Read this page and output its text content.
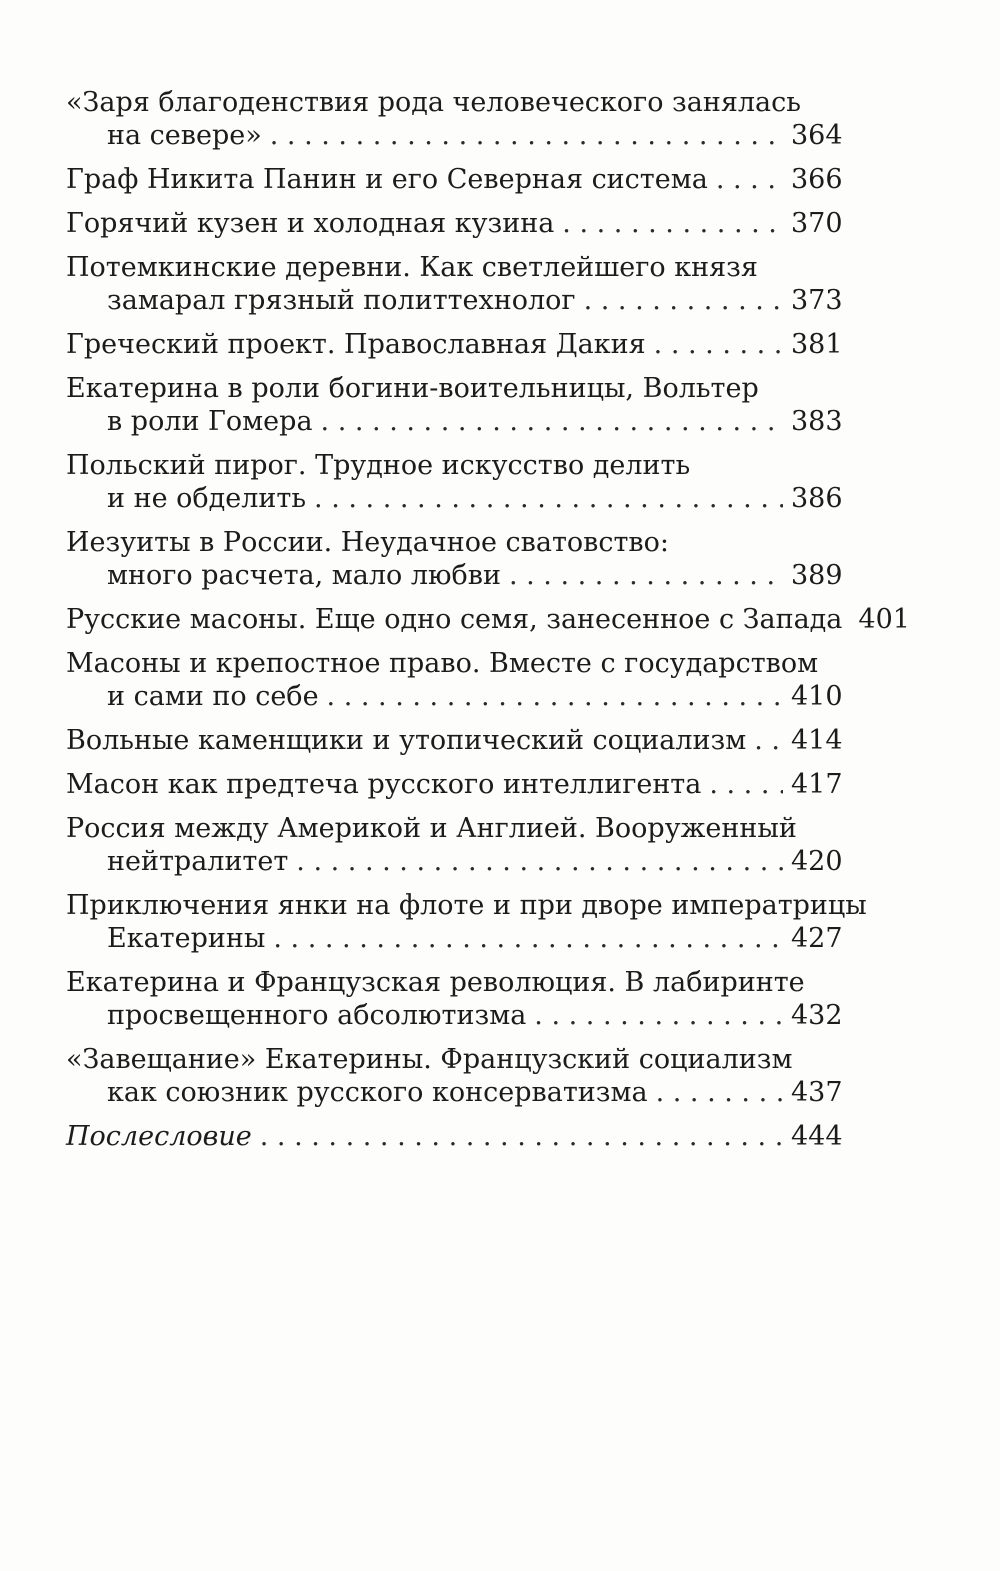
«Заря благоденствия рода человеческого занялась
на севере» . . .	364
Граф Никита Панин и его Северная система . . .	366
Горячий кузен и холодная кузина . . .	370
Потемкинские деревни. Как светлейшего князя
замарал грязный политтехнолог . . .	373
Греческий проект. Православная Дакия . . .	381
Екатерина в роли богини-воительницы, Вольтер
в роли Гомера . . .	383
Польский пирог. Трудное искусство делить
и не обделить . . .	386
Иезуиты в России. Неудачное сватовство:
много расчета, мало любви . . .	389
Русские масоны. Еще одно семя, занесенное с Запада 401
Масоны и крепостное право. Вместе с государством
и сами по себе . . .	410
Вольные каменщики и утопический социализм . . . 414
Масон как предтеча русского интеллигента . . .	417
Россия между Америкой и Англией. Вооруженный
нейтралитет . . .	420
Приключения янки на флоте и при дворе императрицы
Екатерины . . .	427
Екатерина и Французская революция. В лабиринте
просвещенного абсолютизма . . .	432
«Завещание» Екатерины. Французский социализм
как союзник русского консерватизма . . .	437
Послесловие . . .	444
